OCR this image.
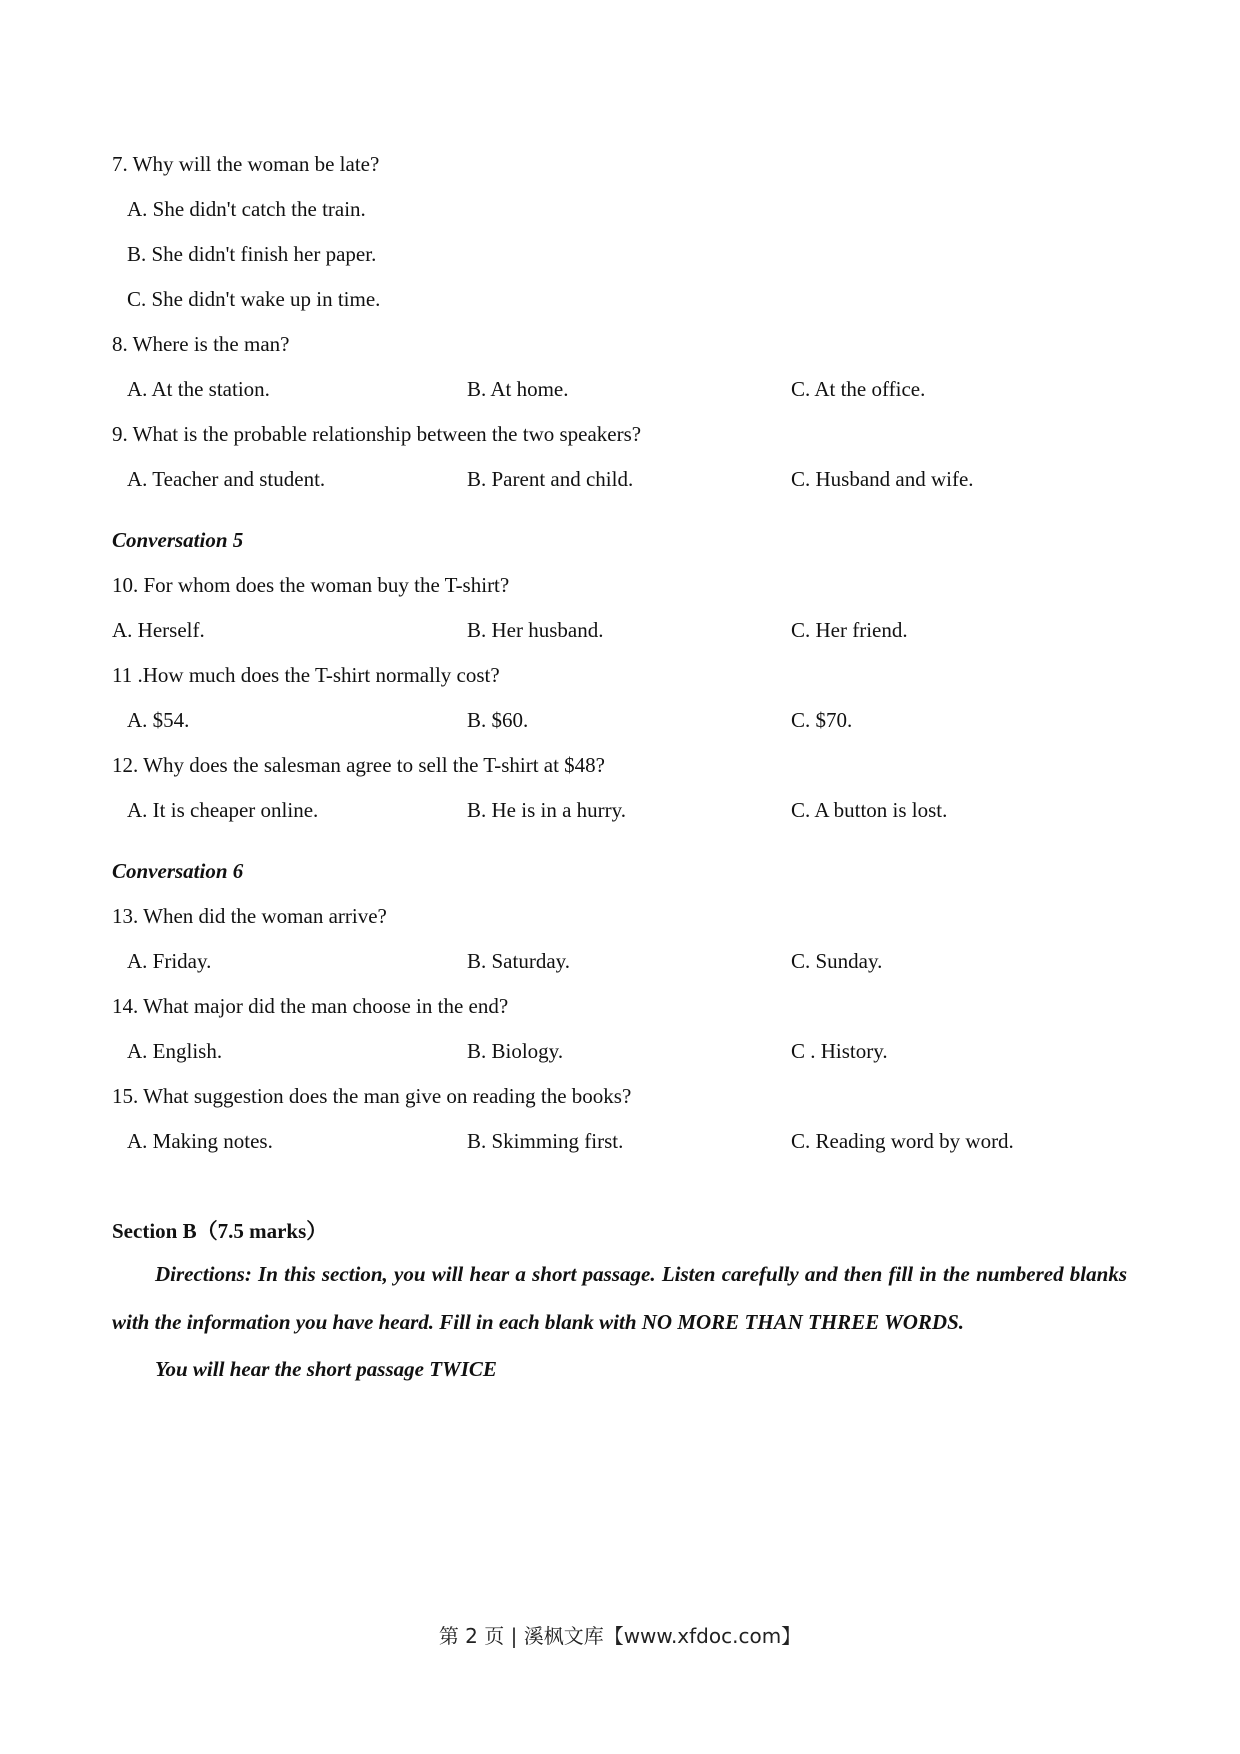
7. Why will the woman be late?
A. She didn't catch the train.
B. She didn't finish her paper.
C. She didn't wake up in time.
8. Where is the man?
A. At the station.	B. At home.	C. At the office.
9. What is the probable relationship between the two speakers?
A. Teacher and student.	B. Parent and child.	C. Husband and wife.
Conversation 5
10. For whom does the woman buy the T-shirt?
A. Herself.	B. Her husband.	C. Her friend.
11 .How much does the T-shirt normally cost?
A. $54.	B. $60.	C. $70.
12. Why does the salesman agree to sell the T-shirt at $48?
A. It is cheaper online.	B. He is in a hurry.	C. A button is lost.
Conversation 6
13. When did the woman arrive?
A. Friday.	B. Saturday.	C. Sunday.
14. What major did the man choose in the end?
A. English.	B. Biology.	C . History.
15. What suggestion does the man give on reading the books?
A. Making notes.	B. Skimming first.	C. Reading word by word.
Section B（7.5 marks）
Directions: In this section, you will hear a short passage. Listen carefully and then fill in the numbered blanks with the information you have heard. Fill in each blank with NO MORE THAN THREE WORDS.
You will hear the short passage TWICE
第 2 页 | 溪枫文库【www.xfdoc.com】
